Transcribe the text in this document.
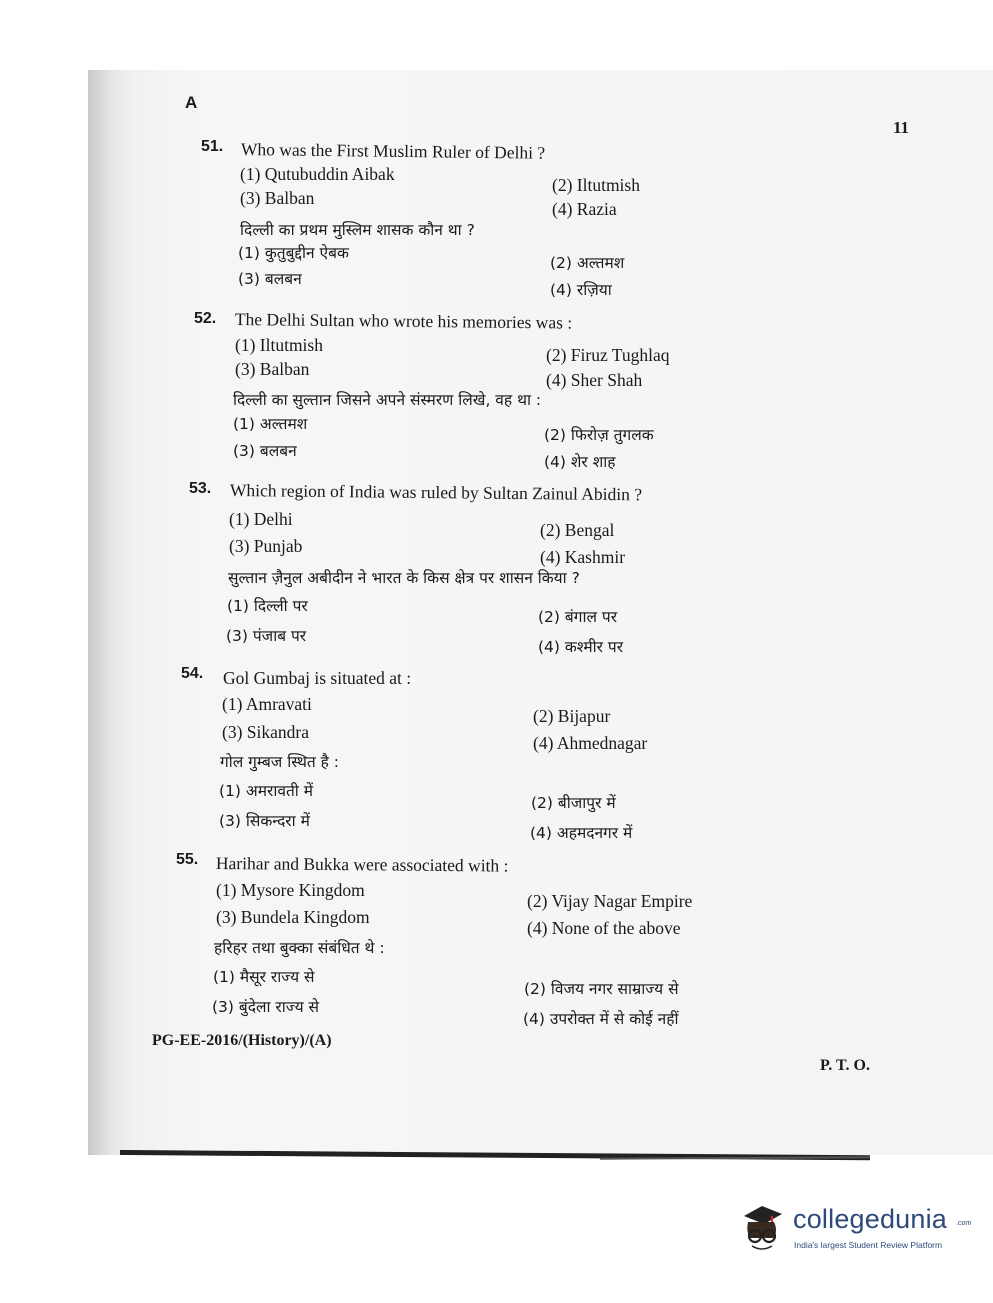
A
11
51. Who was the First Muslim Ruler of Delhi ?
(1) Qutubuddin Aibak
(2) Iltutmish
(3) Balban
(4) Razia
दिल्ली का प्रथम मुस्लिम शासक कौन था ?
(1) कुतुबुद्दीन ऐबक
(2) अल्तमश
(3) बलबन
(4) रज़िया
52. The Delhi Sultan who wrote his memories was :
(1) Iltutmish	(2) Firuz Tughlaq
(3) Balban
(4) Sher Shah
दिल्ली का सुल्तान जिसने अपने संस्मरण लिखे, वह था :
(1) अल्तमश
(2) फिरोज़ तुगलक
(3) बलबन
(4) शेर शाह
53. Which region of India was ruled by Sultan Zainul Abidin ?
(1) Delhi
(2) Bengal
(3) Punjab
(4) Kashmir
सुल्तान ज़ैनुल अबीदीन ने भारत के किस क्षेत्र पर शासन किया ?
(1) दिल्ली पर
(2) बंगाल पर
(3) पंजाब पर
(4) कश्मीर पर
54. Gol Gumbaj is situated at :
(1) Amravati
(2) Bijapur
(3) Sikandra
(4) Ahmednagar
गोल गुम्बज स्थित है :
(1) अमरावती में
(2) बीजापुर में
(3) सिकन्दरा में
(4) अहमदनगर में
55. Harihar and Bukka were associated with :
(1) Mysore Kingdom
(2) Vijay Nagar Empire
(3) Bundela Kingdom
(4) None of the above
हरिहर तथा बुक्का संबंधित थे :
(1) मैसूर राज्य से
(2) विजय नगर साम्राज्य से
(3) बुंदेला राज्य से
(4) उपरोक्त में से कोई नहीं
PG-EE-2016/(History)/(A)
P. T. O.
collegedunia .com
India's largest Student Review Platform
